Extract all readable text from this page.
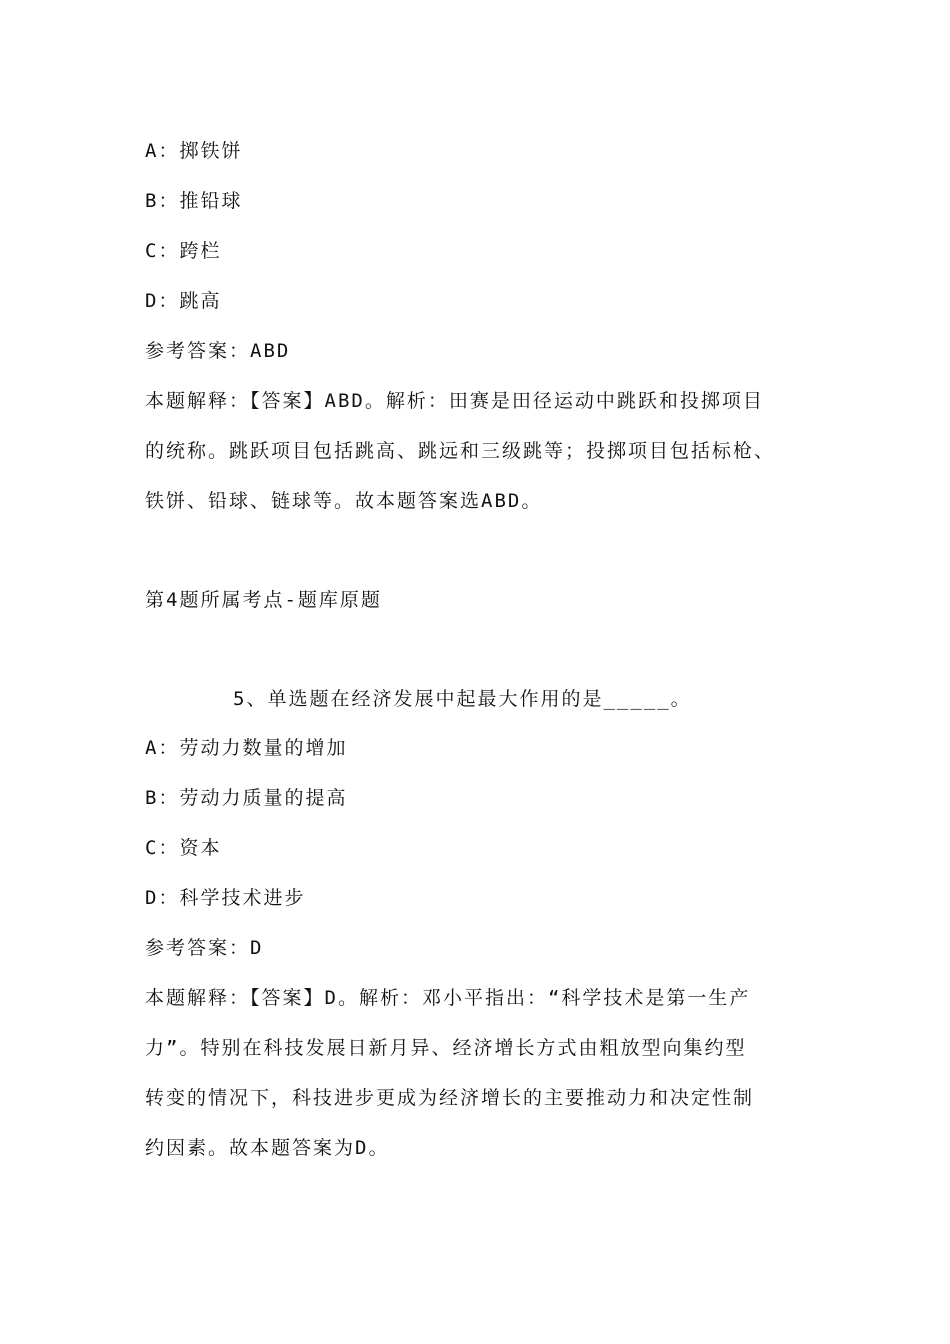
A：掷铁饼
B：推铅球
C：跨栏
D：跳高
参考答案：ABD
本题解释：【答案】ABD。解析：田赛是田径运动中跳跃和投掷项目
的统称。跳跃项目包括跳高、跳远和三级跳等；投掷项目包括标枪、
铁饼、铅球、链球等。故本题答案选ABD。
第4题所属考点-题库原题
5、单选题在经济发展中起最大作用的是_____。
A：劳动力数量的增加
B：劳动力质量的提高
C：资本
D：科学技术进步
参考答案：D
本题解释：【答案】D。解析：邓小平指出：“科学技术是第一生产
力”。特别在科技发展日新月异、经济增长方式由粗放型向集约型
转变的情况下，科技进步更成为经济增长的主要推动力和决定性制
约因素。故本题答案为D。
